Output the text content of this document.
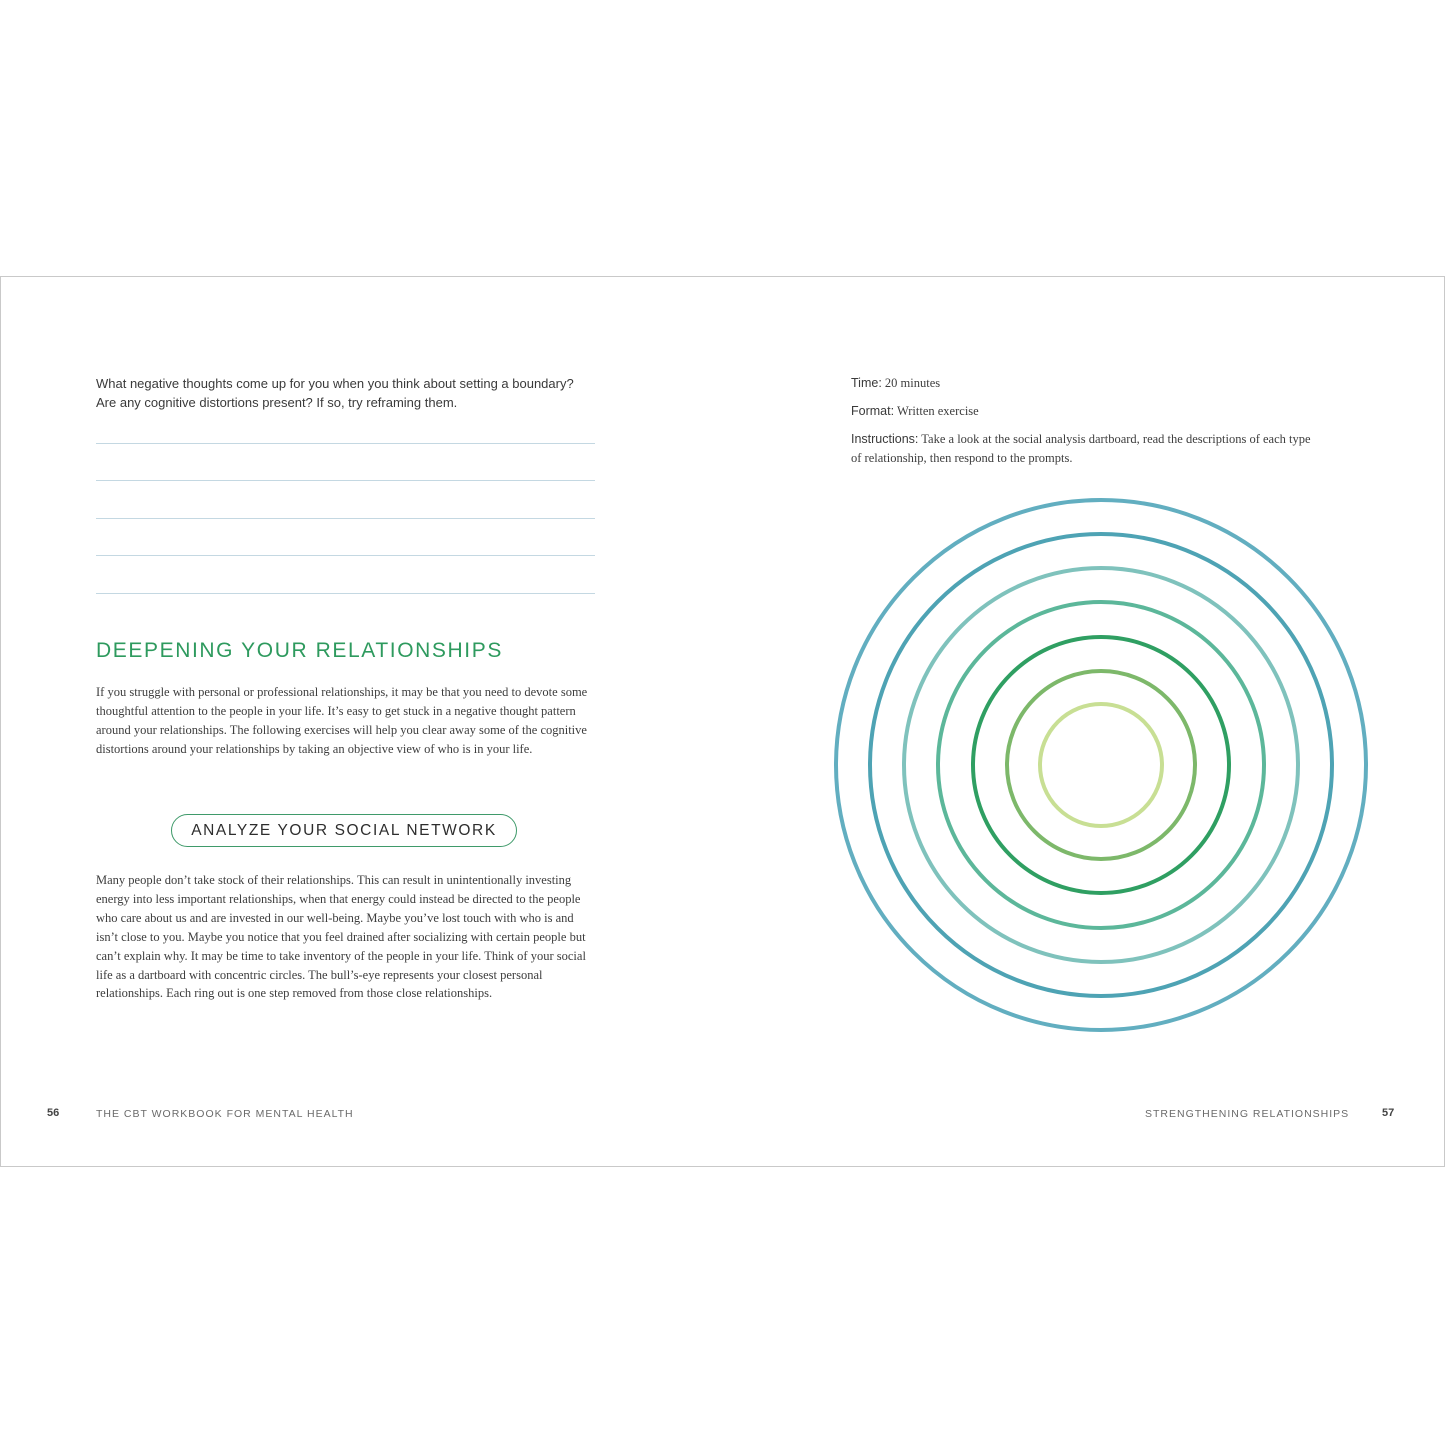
What negative thoughts come up for you when you think about setting a boundary? Are any cognitive distortions present? If so, try reframing them.

DEEPENING YOUR RELATIONSHIPS

If you struggle with personal or professional relationships, it may be that you need to devote some thoughtful attention to the people in your life. It’s easy to get stuck in a negative thought pattern around your relationships. The following exercises will help you clear away some of the cognitive distortions around your relationships by taking an objective view of who is in your life.

ANALYZE YOUR SOCIAL NETWORK

Many people don’t take stock of their relationships. This can result in unintentionally investing energy into less important relationships, when that energy could instead be directed to the people who care about us and are invested in our well-being. Maybe you’ve lost touch with who is and isn’t close to you. Maybe you notice that you feel drained after socializing with certain people but can’t explain why. It may be time to take inventory of the people in your life. Think of your social life as a dartboard with concentric circles. The bull’s-eye represents your closest personal relationships. Each ring out is one step removed from those close relationships.

56	THE CBT WORKBOOK FOR MENTAL HEALTH

Time: 20 minutes

Format: Written exercise

Instructions: Take a look at the social analysis dartboard, read the descriptions of each type of relationship, then respond to the prompts.

STRENGTHENING RELATIONSHIPS	57
